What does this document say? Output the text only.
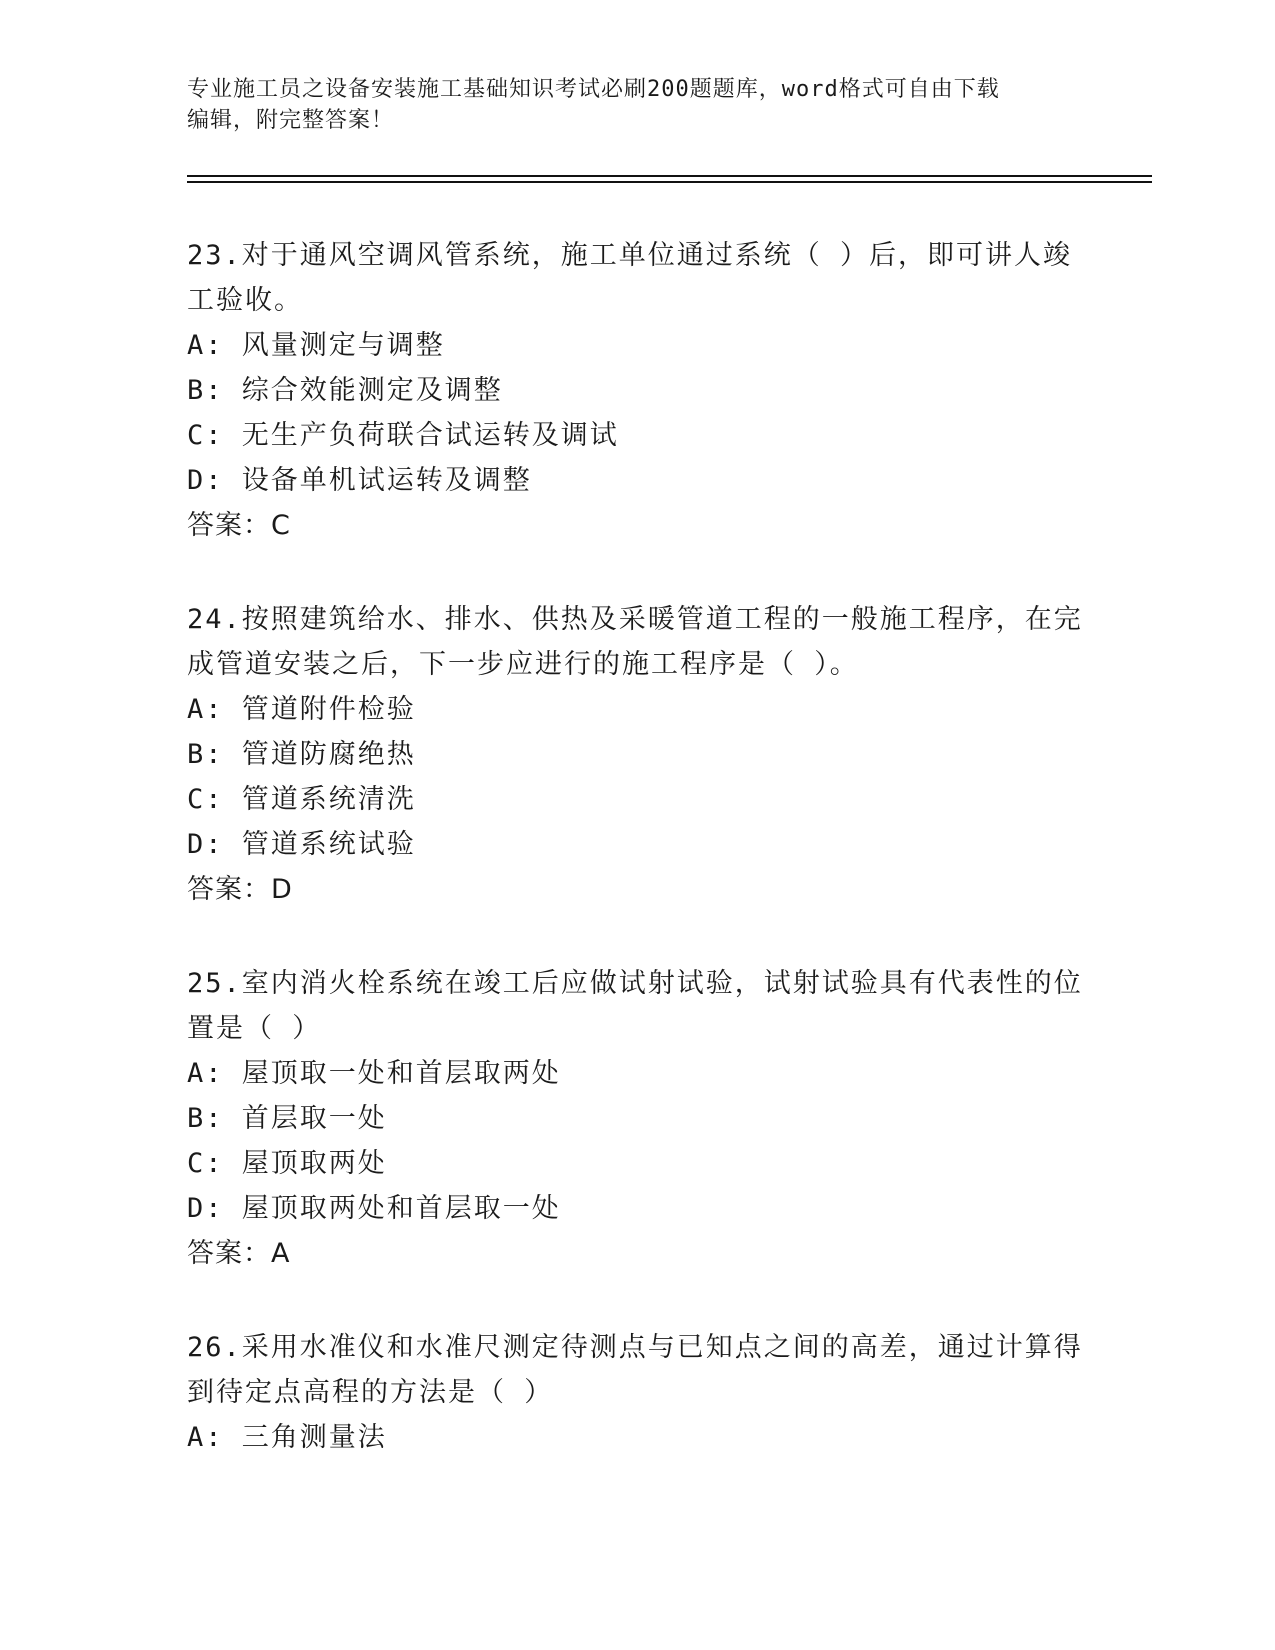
专业施工员之设备安装施工基础知识考试必刷200题题库，word格式可自由下载
编辑，附完整答案！

23.对于通风空调风管系统，施工单位通过系统（ ）后，即可讲人竣

工验收。

A: 风量测定与调整

B: 综合效能测定及调整

C: 无生产负荷联合试运转及调试

D: 设备单机试运转及调整

答案：C

24.按照建筑给水、排水、供热及采暖管道工程的一般施工程序，在完

成管道安装之后，下一步应进行的施工程序是（ ）。

A: 管道附件检验

B: 管道防腐绝热

C: 管道系统清洗

D: 管道系统试验

答案：D

25.室内消火栓系统在竣工后应做试射试验，试射试验具有代表性的位

置是（ ）

A: 屋顶取一处和首层取两处

B: 首层取一处

C: 屋顶取两处

D: 屋顶取两处和首层取一处

答案：A

26.采用水准仪和水准尺测定待测点与已知点之间的高差，通过计算得

到待定点高程的方法是（ ）

A: 三角测量法
